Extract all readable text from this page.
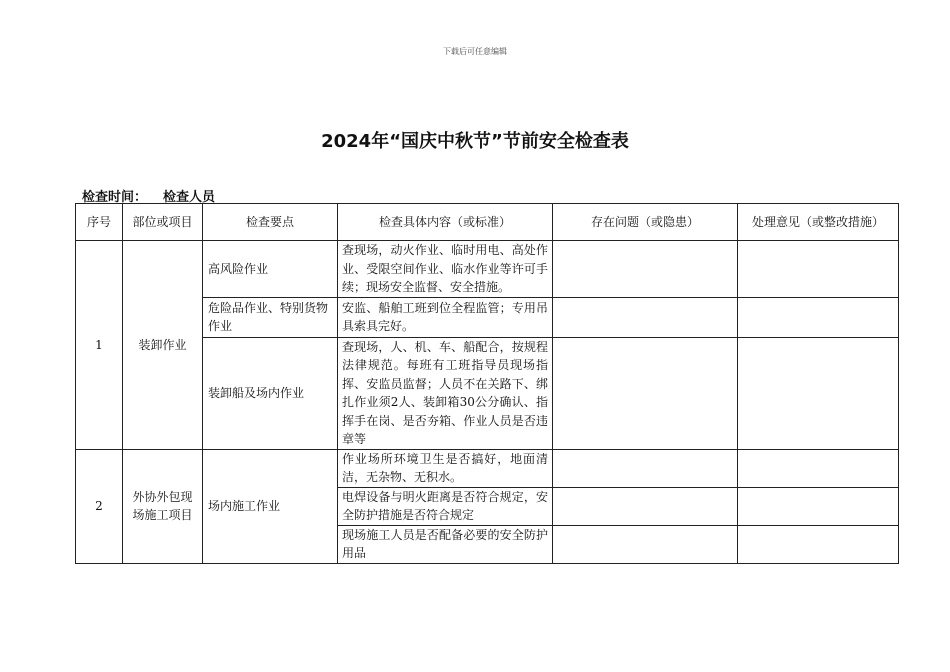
下载后可任意编辑
2024年“国庆中秋节”节前安全检查表
检查时间： 检查人员
序号	部位或项目	检查要点	检查具体内容（或标准）	存在问题（或隐患）	处理意见（或整改措施）
1	装卸作业	高风险作业	查现场，动火作业、临时用电、高处作业、受限空间作业、临水作业等许可手续；现场安全监督、安全措施。		
		危险品作业、特别货物作业	安监、船舶工班到位全程监管；专用吊具索具完好。		
		装卸船及场内作业	查现场，人、机、车、船配合，按规程法律规范。每班有工班指导员现场指挥、安监员监督；人员不在关路下、绑扎作业须2人、装卸箱30公分确认、指挥手在岗、是否夯箱、作业人员是否违章等		
2	外协外包现场施工项目	场内施工作业	作业场所环境卫生是否搞好，地面清洁，无杂物、无积水。		
			电焊设备与明火距离是否符合规定，安全防护措施是否符合规定		
			现场施工人员是否配备必要的安全防护用品		
